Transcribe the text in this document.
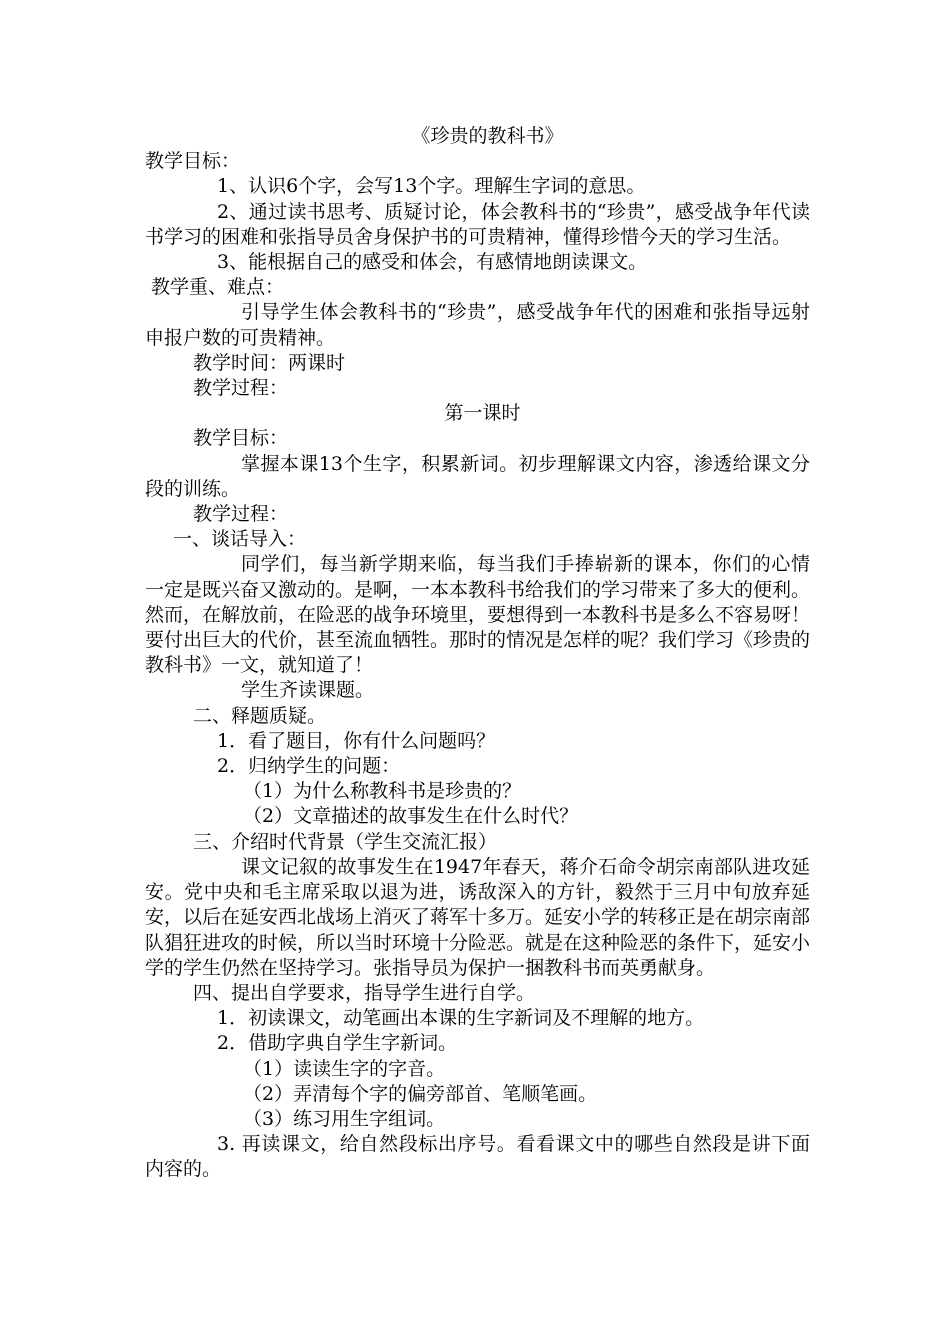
《珍贵的教科书》

教学目标：

1、认识6个字，会写13个字。理解生字词的意思。

2、通过读书思考、质疑讨论，体会教科书的“珍贵”，感受战争年代读书学习的困难和张指导员舍身保护书的可贵精神，懂得珍惜今天的学习生活。

3、能根据自己的感受和体会，有感情地朗读课文。

教学重、难点：

引导学生体会教科书的“珍贵”，感受战争年代的困难和张指导远射申报户数的可贵精神。

教学时间：两课时

教学过程：

第一课时

教学目标：

掌握本课13个生字，积累新词。初步理解课文内容，渗透给课文分段的训练。

教学过程：

一、谈话导入：

同学们，每当新学期来临，每当我们手捧崭新的课本，你们的心情一定是既兴奋又激动的。是啊，一本本教科书给我们的学习带来了多大的便利。然而，在解放前，在险恶的战争环境里，要想得到一本教科书是多么不容易呀！要付出巨大的代价，甚至流血牺牲。那时的情况是怎样的呢？我们学习《珍贵的教科书》一文，就知道了！

学生齐读课题。

二、释题质疑。

1．看了题目，你有什么问题吗？

2．归纳学生的问题：

（1）为什么称教科书是珍贵的？

（2）文章描述的故事发生在什么时代？

三、介绍时代背景（学生交流汇报）

课文记叙的故事发生在1947年春天，蒋介石命令胡宗南部队进攻延安。党中央和毛主席采取以退为进，诱敌深入的方针，毅然于三月中旬放弃延安，以后在延安西北战场上消灭了蒋军十多万。延安小学的转移正是在胡宗南部队猖狂进攻的时候，所以当时环境十分险恶。就是在这种险恶的条件下，延安小学的学生仍然在坚持学习。张指导员为保护一捆教科书而英勇献身。

四、提出自学要求，指导学生进行自学。

1．初读课文，动笔画出本课的生字新词及不理解的地方。

2．借助字典自学生字新词。

（1）读读生字的字音。

（2）弄清每个字的偏旁部首、笔顺笔画。

（3）练习用生字组词。

3. 再读课文，给自然段标出序号。看看课文中的哪些自然段是讲下面内容的。
